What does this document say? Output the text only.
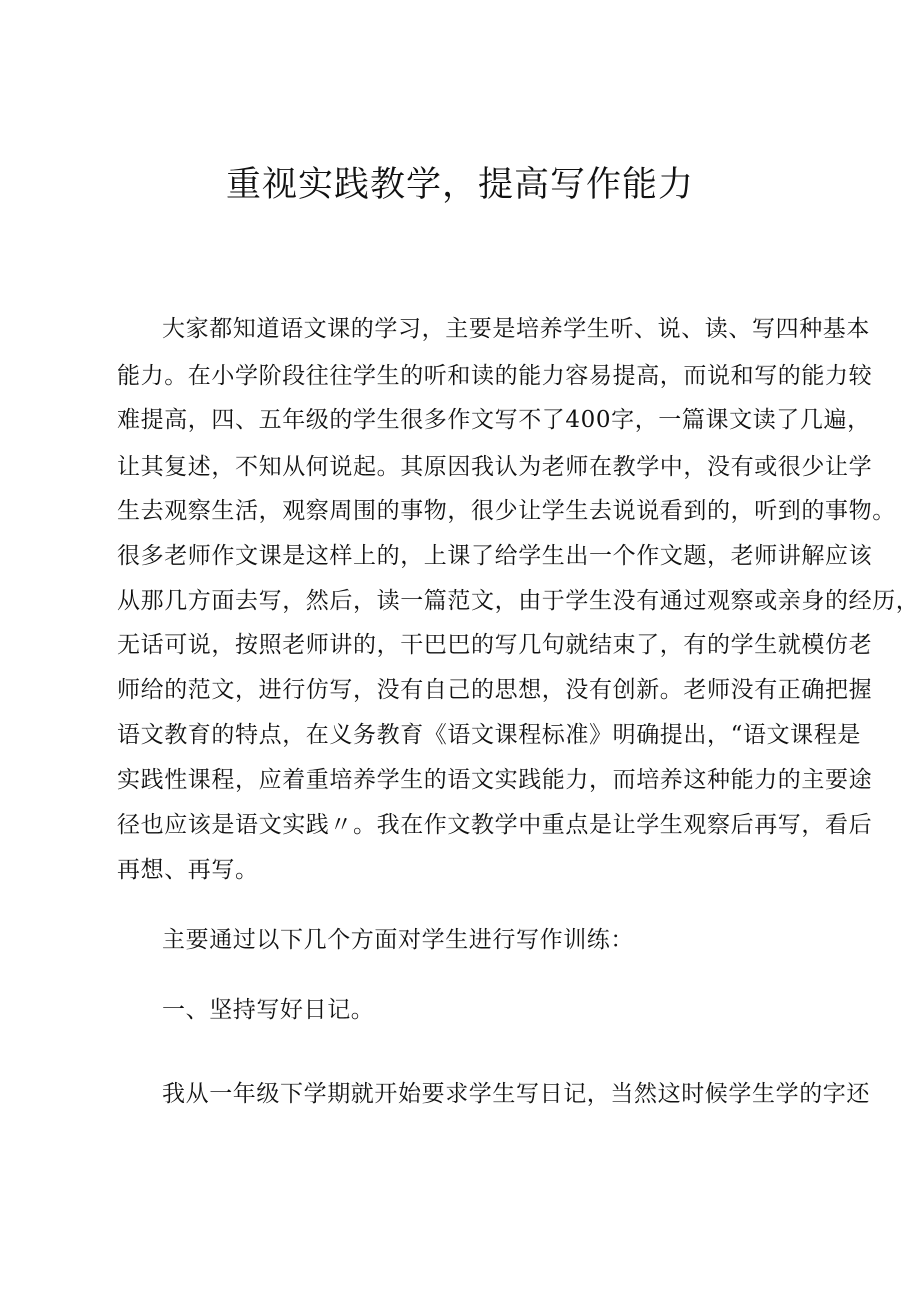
重视实践教学，提高写作能力
大家都知道语文课的学习，主要是培养学生听、说、读、写四种基本
能力。在小学阶段往往学生的听和读的能力容易提高，而说和写的能力较
难提高，四、五年级的学生很多作文写不了400字，一篇课文读了几遍，
让其复述，不知从何说起。其原因我认为老师在教学中，没有或很少让学
生去观察生活，观察周围的事物，很少让学生去说说看到的，听到的事物。
很多老师作文课是这样上的，上课了给学生出一个作文题，老师讲解应该
从那几方面去写，然后，读一篇范文，由于学生没有通过观察或亲身的经历，
无话可说，按照老师讲的，干巴巴的写几句就结束了，有的学生就模仿老
师给的范文，进行仿写，没有自己的思想，没有创新。老师没有正确把握
语文教育的特点，在义务教育《语文课程标准》明确提出，“语文课程是
实践性课程，应着重培养学生的语文实践能力，而培养这种能力的主要途
径也应该是语文实践〃。我在作文教学中重点是让学生观察后再写，看后
再想、再写。
主要通过以下几个方面对学生进行写作训练：
一、坚持写好日记。
我从一年级下学期就开始要求学生写日记，当然这时候学生学的字还
